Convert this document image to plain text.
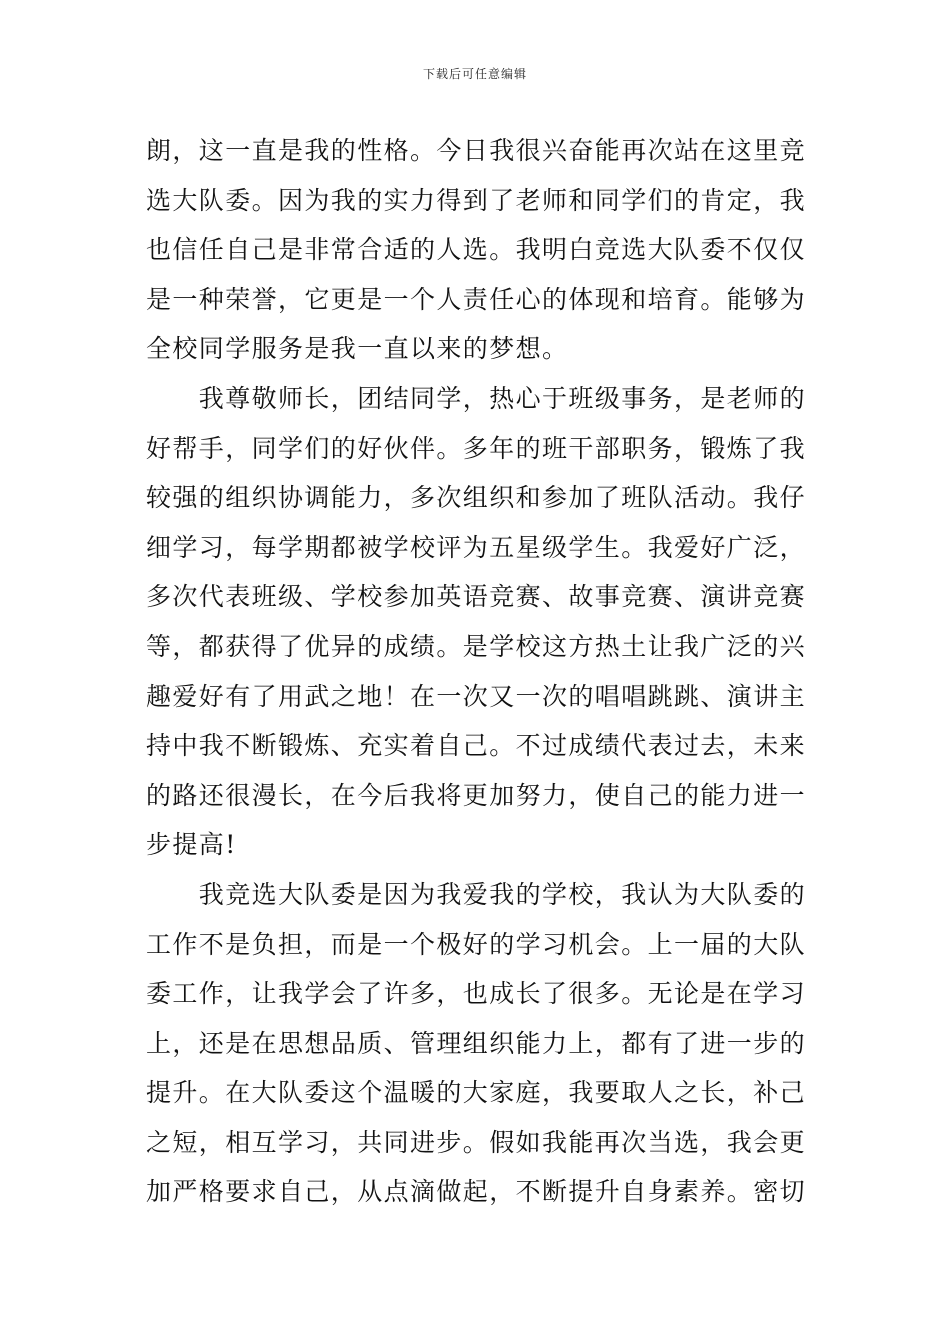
下载后可任意编辑
朗，这一直是我的性格。今日我很兴奋能再次站在这里竞
选大队委。因为我的实力得到了老师和同学们的肯定，我
也信任自己是非常合适的人选。我明白竞选大队委不仅仅
是一种荣誉，它更是一个人责任心的体现和培育。能够为
全校同学服务是我一直以来的梦想。
　　我尊敬师长，团结同学，热心于班级事务，是老师的
好帮手，同学们的好伙伴。多年的班干部职务，锻炼了我
较强的组织协调能力，多次组织和参加了班队活动。我仔
细学习，每学期都被学校评为五星级学生。我爱好广泛，
多次代表班级、学校参加英语竞赛、故事竞赛、演讲竞赛
等，都获得了优异的成绩。是学校这方热土让我广泛的兴
趣爱好有了用武之地！在一次又一次的唱唱跳跳、演讲主
持中我不断锻炼、充实着自己。不过成绩代表过去，未来
的路还很漫长，在今后我将更加努力，使自己的能力进一
步提高!
　　我竞选大队委是因为我爱我的学校，我认为大队委的
工作不是负担，而是一个极好的学习机会。上一届的大队
委工作，让我学会了许多，也成长了很多。无论是在学习
上，还是在思想品质、管理组织能力上，都有了进一步的
提升。在大队委这个温暖的大家庭，我要取人之长，补己
之短，相互学习，共同进步。假如我能再次当选，我会更
加严格要求自己，从点滴做起，不断提升自身素养。密切
